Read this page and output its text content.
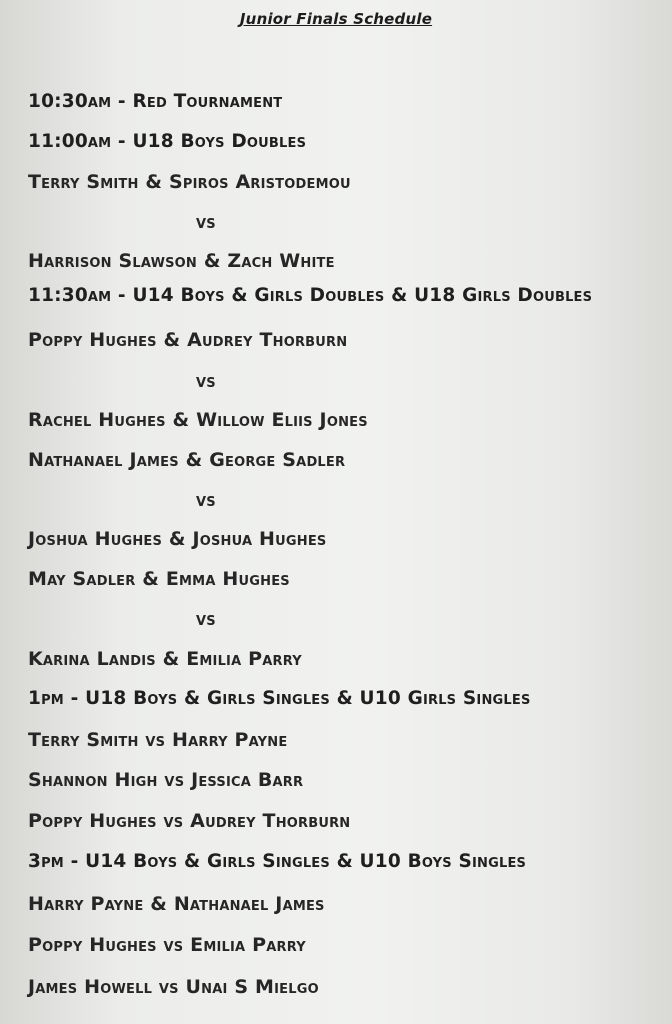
Junior Finals Schedule
10:30am - Red Tournament
11:00am - U18 Boys Doubles
Terry Smith & Spiros Aristodemou
vs
Harrison Slawson & Zach White
11:30am - U14 Boys & Girls Doubles & U18 Girls Doubles
Poppy Hughes & Audrey Thorburn
vs
Rachel Hughes & Willow Eliis Jones
Nathanael James & George Sadler
vs
Joshua Hughes & Joshua Hughes
May Sadler & Emma Hughes
vs
Karina Landis & Emilia Parry
1pm - U18 Boys & Girls Singles & U10 Girls Singles
Terry Smith vs Harry Payne
Shannon High vs Jessica Barr
Poppy Hughes vs Audrey Thorburn
3pm - U14 Boys & Girls Singles & U10 Boys Singles
Harry Payne & Nathanael James
Poppy Hughes vs Emilia Parry
James Howell vs Unai S Mielgo
